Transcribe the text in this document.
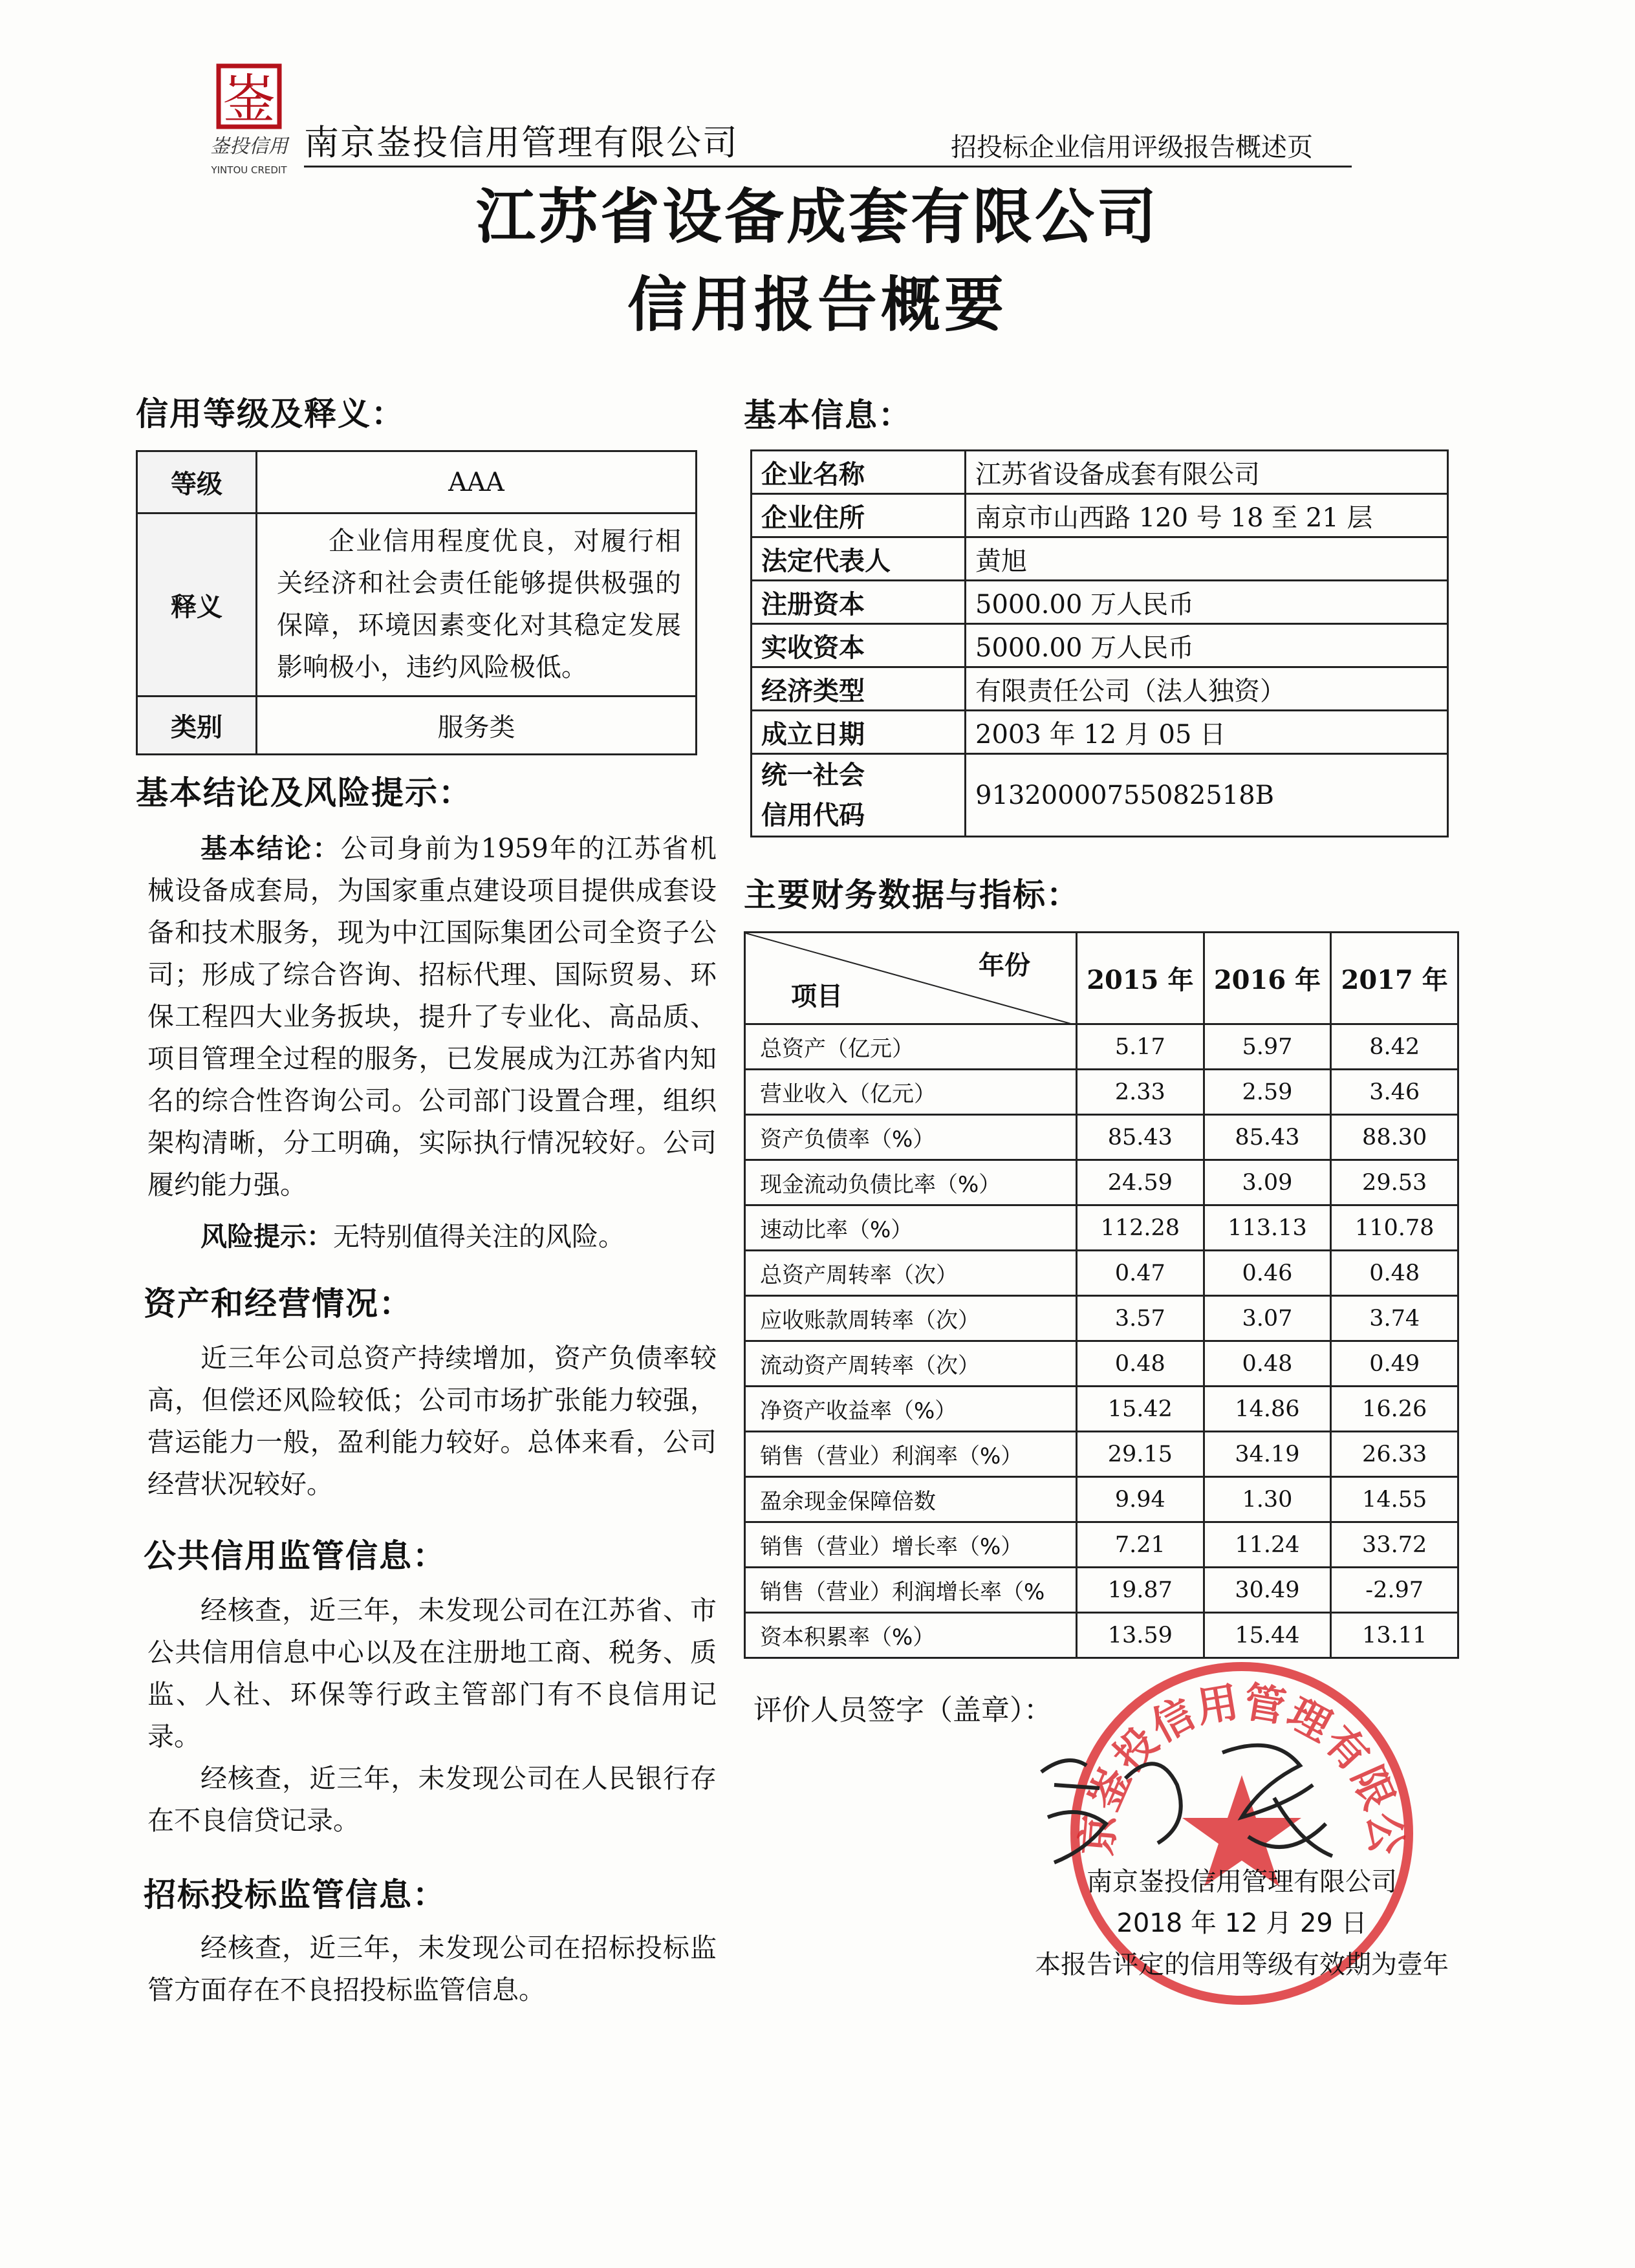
崟
崟投信用
YINTOU CREDIT
南京崟投信用管理有限公司	招投标企业信用评级报告概述页
江苏省设备成套有限公司
信用报告概要
信用等级及释义：
等级	AAA
释义	企业信用程度优良，对履行相关经济和社会责任能够提供极强的保障，环境因素变化对其稳定发展影响极小，违约风险极低。
类别	服务类
基本结论及风险提示：
基本结论：公司身前为1959年的江苏省机械设备成套局，为国家重点建设项目提供成套设备和技术服务，现为中江国际集团公司全资子公司；形成了综合咨询、招标代理、国际贸易、环保工程四大业务扳块，提升了专业化、高品质、项目管理全过程的服务，已发展成为江苏省内知名的综合性咨询公司。公司部门设置合理，组织架构清晰，分工明确，实际执行情况较好。公司履约能力强。
风险提示：无特别值得关注的风险。
资产和经营情况：
近三年公司总资产持续增加，资产负债率较高，但偿还风险较低；公司市场扩张能力较强，营运能力一般，盈利能力较好。总体来看，公司经营状况较好。
公共信用监管信息：
经核查，近三年，未发现公司在江苏省、市公共信用信息中心以及在注册地工商、税务、质监、人社、环保等行政主管部门有不良信用记录。
经核查，近三年，未发现公司在人民银行存在不良信贷记录。
招标投标监管信息：
经核查，近三年，未发现公司在招标投标监管方面存在不良招投标监管信息。
基本信息：
企业名称	江苏省设备成套有限公司
企业住所	南京市山西路 120 号 18 至 21 层
法定代表人	黄旭
注册资本	5000.00 万人民币
实收资本	5000.00 万人民币
经济类型	有限责任公司（法人独资）
成立日期	2003 年 12 月 05 日
统一社会
信用代码	91320000755082518B
主要财务数据与指标：
年份
项目	2015 年	2016 年	2017 年
总资产（亿元）	5.17	5.97	8.42
营业收入（亿元）	2.33	2.59	3.46
资产负债率（%）	85.43	85.43	88.30
现金流动负债比率（%）	24.59	3.09	29.53
速动比率（%）	112.28	113.13	110.78
总资产周转率（次）	0.47	0.46	0.48
应收账款周转率（次）	3.57	3.07	3.74
流动资产周转率（次）	0.48	0.48	0.49
净资产收益率（%）	15.42	14.86	16.26
销售（营业）利润率（%）	29.15	34.19	26.33
盈余现金保障倍数	9.94	1.30	14.55
销售（营业）增长率（%）	7.21	11.24	33.72
销售（营业）利润增长率（%	19.87	30.49	-2.97
资本积累率（%）	13.59	15.44	13.11
评价人员签字（盖章）：
京崟投信用管理有限公
南京崟投信用管理有限公司
2018 年 12 月 29 日
本报告评定的信用等级有效期为壹年
